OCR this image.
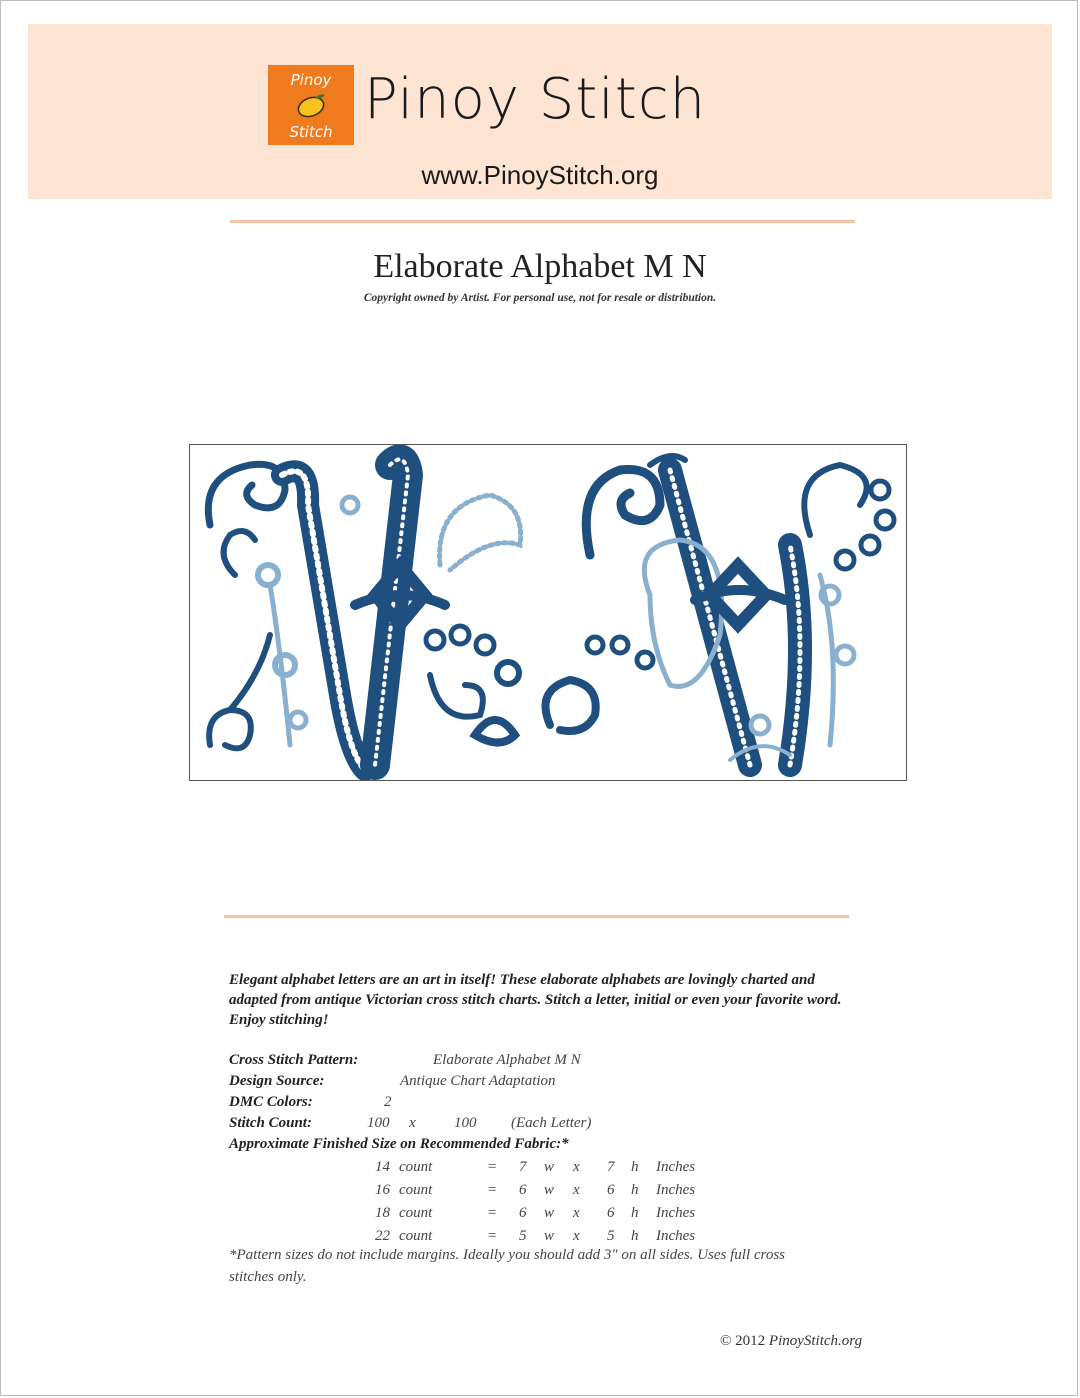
Pinoy
Stitch Pinoy Stitch
www.PinoyStitch.org
Elaborate Alphabet M N
Copyright owned by Artist. For personal use, not for resale or distribution.
Elegant alphabet letters are an art in itself! These elaborate alphabets are lovingly charted and adapted from antique Victorian cross stitch charts. Stitch a letter, initial or even your favorite word. Enjoy stitching!
Cross Stitch Pattern:	Elaborate Alphabet M N
Design Source:	Antique Chart Adaptation
DMC Colors:	2
Stitch Count:	100 x	100 (Each Letter)
Approximate Finished Size on Recommended Fabric:*
14 count	= 7 w x 7 h Inches
16 count	= 6 w x 6 h Inches
18 count	= 6 w x 6 h Inches
22 count	= 5 w x 5 h Inches
*Pattern sizes do not include margins. Ideally you should add 3" on all sides. Uses full cross stitches only.
© 2012 PinoyStitch.org
